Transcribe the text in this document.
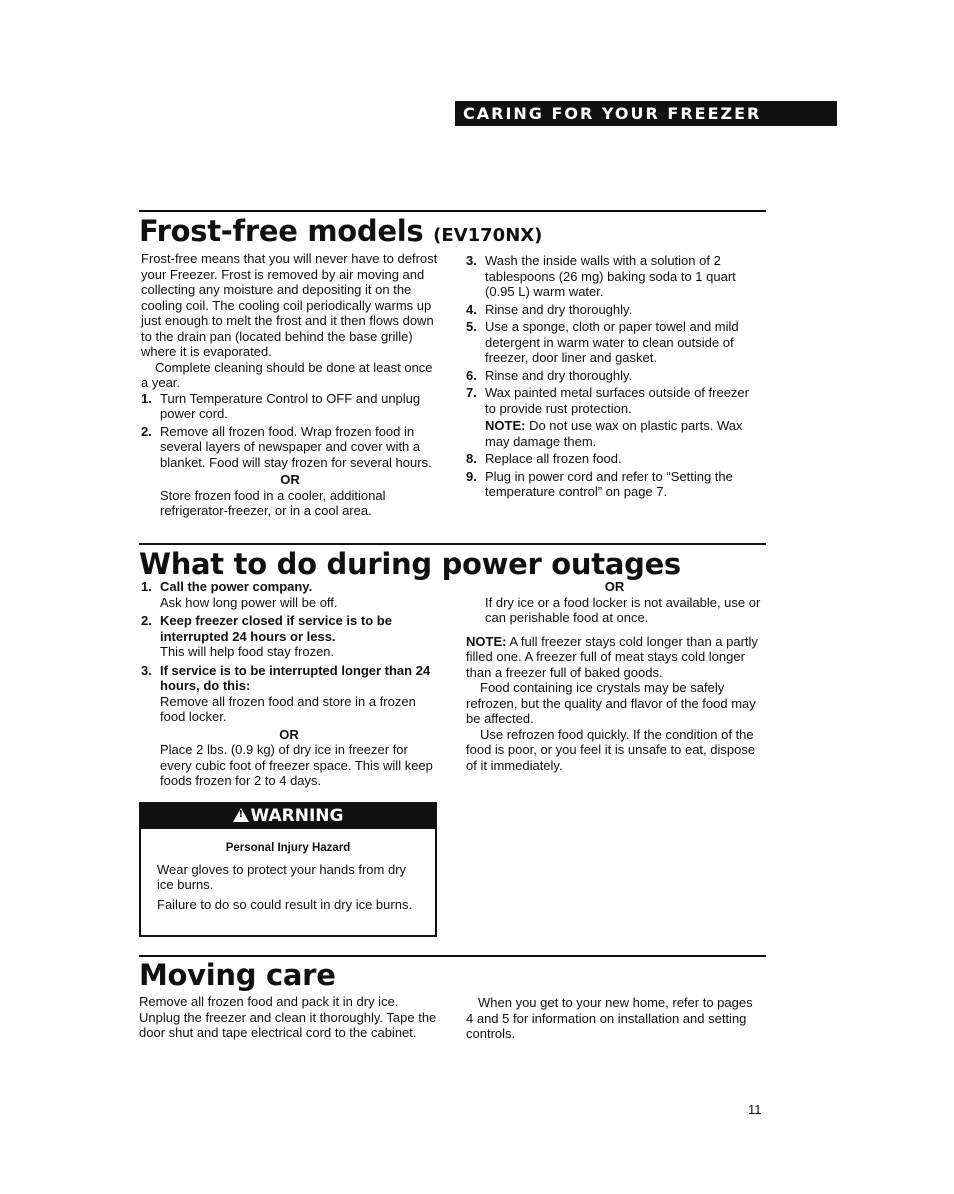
CARING FOR YOUR FREEZER
Frost-free models (EV170NX)

Frost-free means that you will never have to defrost your Freezer. Frost is removed by air moving and collecting any moisture and depositing it on the cooling coil. The cooling coil periodically warms up just enough to melt the frost and it then flows down to the drain pan (located behind the base grille) where it is evaporated.

Complete cleaning should be done at least once a year.

1. Turn Temperature Control to OFF and unplug power cord.
2. Remove all frozen food. Wrap frozen food in several layers of newspaper and cover with a blanket. Food will stay frozen for several hours.

OR

Store frozen food in a cooler, additional refrigerator-freezer, or in a cool area.

3. Wash the inside walls with a solution of 2 tablespoons (26 mg) baking soda to 1 quart (0.95 L) warm water.
4. Rinse and dry thoroughly.
5. Use a sponge, cloth or paper towel and mild detergent in warm water to clean outside of freezer, door liner and gasket.
6. Rinse and dry thoroughly.
7. Wax painted metal surfaces outside of freezer to provide rust protection.

NOTE: Do not use wax on plastic parts. Wax may damage them.

8. Replace all frozen food.
9. Plug in power cord and refer to “Setting the temperature control” on page 7.
What to do during power outages
1. Call the power company.
Ask how long power will be off.
2. Keep freezer closed if service is to be interrupted 24 hours or less.
This will help food stay frozen.
3. If service is to be interrupted longer than 24 hours, do this:
Remove all frozen food and store in a frozen food locker.

OR

Place 2 lbs. (0.9 kg) of dry ice in freezer for every cubic foot of freezer space. This will keep foods frozen for 2 to 4 days.

OR

If dry ice or a food locker is not available, use or can perishable food at once.

NOTE: A full freezer stays cold longer than a partly filled one. A freezer full of meat stays cold longer than a freezer full of baked goods.

Food containing ice crystals may be safely refrozen, but the quality and flavor of the food may be affected.

Use refrozen food quickly. If the condition of the food is poor, or you feel it is unsafe to eat, dispose of it immediately.

!WARNING
Personal Injury Hazard

Wear gloves to protect your hands from dry ice burns.

Failure to do so could result in dry ice burns.

Moving care
Remove all frozen food and pack it in dry ice. Unplug the freezer and clean it thoroughly. Tape the door shut and tape electrical cord to the cabinet.
When you get to your new home, refer to pages 4 and 5 for information on installation and setting controls.
11
